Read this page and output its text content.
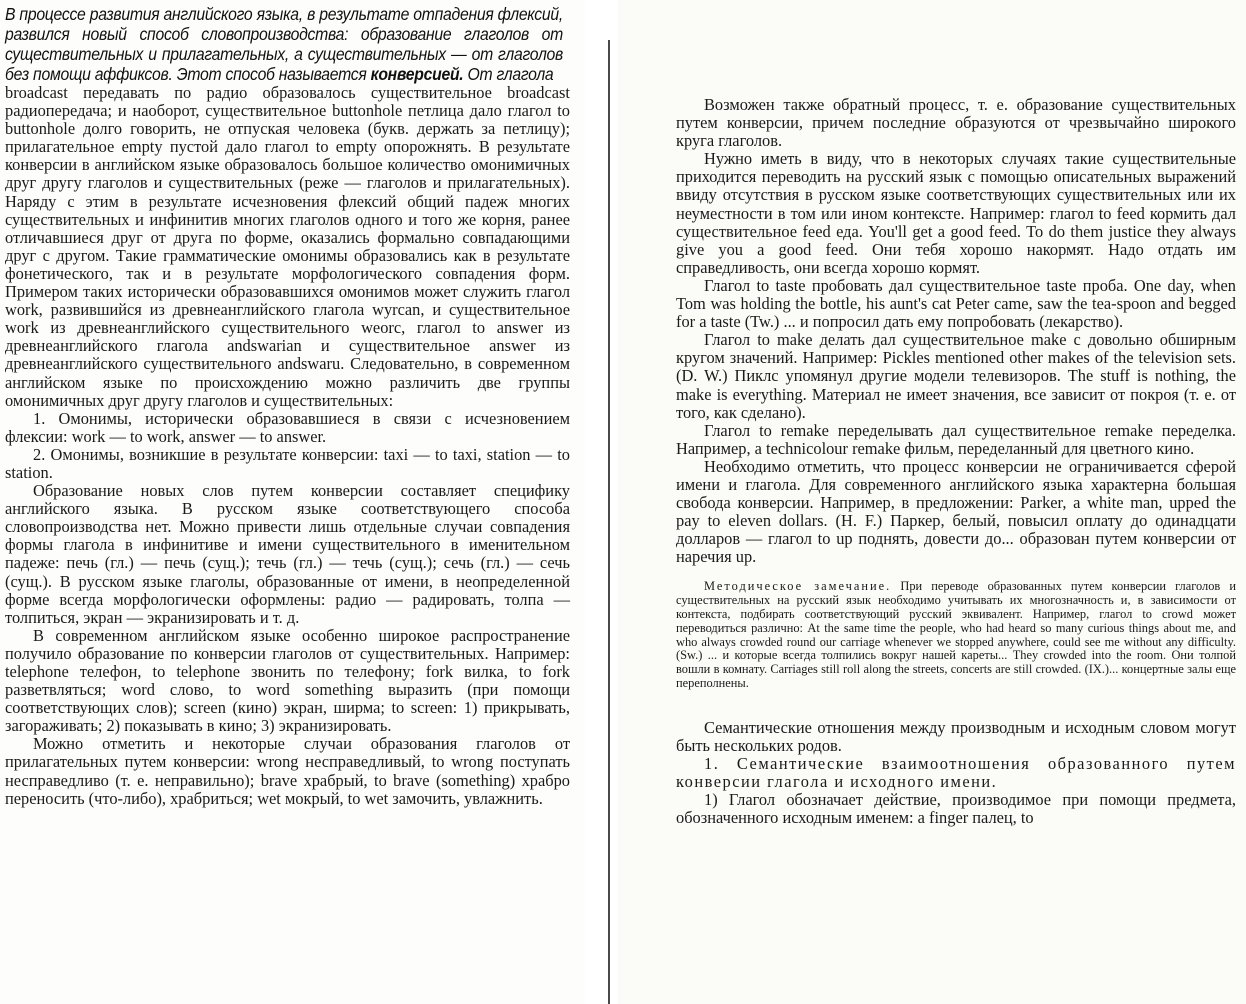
В процессе развития английского языка, в результате отпадения флексий, развился новый способ словопроизводства: образование глаголов от существительных и прилагательных, а существительных — от глаголов без помощи аффиксов. Этот способ называется конверсией. От глагола

broadcast передавать по радио образовалось существительное broadcast радиопередача; и наоборот, существительное buttonhole петлица дало глагол to buttonhole долго говорить, не отпуская человека (букв. держать за петлицу); прилагательное empty пустой дало глагол to empty опорожнять. В результате конверсии в английском языке образовалось большое количество омонимичных друг другу глаголов и существительных (реже — глаголов и прилагательных). Наряду с этим в результате исчезновения флексий общий падеж многих существительных и инфинитив многих глаголов одного и того же корня, ранее отличавшиеся друг от друга по форме, оказались формально совпадающими друг с другом. Такие грамматические омонимы образовались как в результате фонетического, так и в результате морфологического совпадения форм. Примером таких исторически образовавшихся омонимов может служить глагол work, развившийся из древнеанглийского глагола wyrcan, и существительное work из древнеанглийского существительного weorc, глагол to answer из древнеанглийского глагола andswarian и существительное answer из древнеанглийского существительного andswaru. Следовательно, в современном английском языке по происхождению можно различить две группы омонимичных друг другу глаголов и существительных:

1. Омонимы, исторически образовавшиеся в связи с исчезновением флексии: work — to work, answer — to answer.

2. Омонимы, возникшие в результате конверсии: taxi — to taxi, station — to station.

Образование новых слов путем конверсии составляет специфику английского языка. В русском языке соответствующего способа словопроизводства нет. Можно привести лишь отдельные случаи совпадения формы глагола в инфинитиве и имени существительного в именительном падеже: печь (гл.) — печь (сущ.); течь (гл.) — течь (сущ.); сечь (гл.) — сечь (сущ.). В русском языке глаголы, образованные от имени, в неопределенной форме всегда морфологически оформлены: радио — радировать, толпа — толпиться, экран — экранизировать и т. д.

В современном английском языке особенно широкое распространение получило образование по конверсии глаголов от существительных. Например: telephone телефон, to telephone звонить по телефону; fork вилка, to fork разветвляться; word слово, to word something выразить (при помощи соответствующих слов); screen (кино) экран, ширма; to screen: 1) прикрывать, загораживать; 2) показывать в кино; 3) экранизировать.

Можно отметить и некоторые случаи образования глаголов от прилагательных путем конверсии: wrong несправедливый, to wrong поступать несправедливо (т. е. неправильно); brave храбрый, to brave (something) храбро переносить (что-либо), храбриться; wet мокрый, to wet замочить, увлажнить.

Возможен также обратный процесс, т. е. образование существительных путем конверсии, причем последние образуются от чрезвычайно широкого круга глаголов.

Нужно иметь в виду, что в некоторых случаях такие существительные приходится переводить на русский язык с помощью описательных выражений ввиду отсутствия в русском языке соответствующих существительных или их неуместности в том или ином контексте. Например: глагол to feed кормить дал существительное feed еда. You'll get a good feed. To do them justice they always give you a good feed. Они тебя хорошо накормят. Надо отдать им справедливость, они всегда хорошо кормят.

Глагол to taste пробовать дал существительное taste проба. One day, when Tom was holding the bottle, his aunt's cat Peter came, saw the tea-spoon and begged for a taste (Tw.) ... и попросил дать ему попробовать (лекарство).

Глагол to make делать дал существительное make с довольно обширным кругом значений. Например: Pickles mentioned other makes of the television sets. (D. W.) Пиклс упомянул другие модели телевизоров. The stuff is nothing, the make is everything. Материал не имеет значения, все зависит от покроя (т. е. от того, как сделано).

Глагол to remake переделывать дал существительное remake переделка. Например, a technicolour remake фильм, переделанный для цветного кино.

Необходимо отметить, что процесс конверсии не ограничивается сферой имени и глагола. Для современного английского языка характерна большая свобода конверсии. Например, в предложении: Parker, a white man, upped the pay to eleven dollars. (H. F.) Паркер, белый, повысил оплату до одинадцати долларов — глагол to up поднять, довести до... образован путем конверсии от наречия up.

Методическое замечание. При переводе образованных путем конверсии глаголов и существительных на русский язык необходимо учитывать их многозначность и, в зависимости от контекста, подбирать соответствующий русский эквивалент. Например, глагол to crowd может переводиться различно: At the same time the people, who had heard so many curious things about me, and who always crowded round our carriage whenever we stopped anywhere, could see me without any difficulty. (Sw.) ... и которые всегда толпились вокруг нашей кареты... They crowded into the room. Они толпой вошли в комнату. Carriages still roll along the streets, concerts are still crowded. (IX.)... концертные залы еще переполнены.

Семантические отношения между производным и исходным словом могут быть нескольких родов.

1. Семантические взаимоотношения образованного путем конверсии глагола и исходного имени.

1) Глагол обозначает действие, производимое при помощи предмета, обозначенного исходным именем: a finger палец, to
